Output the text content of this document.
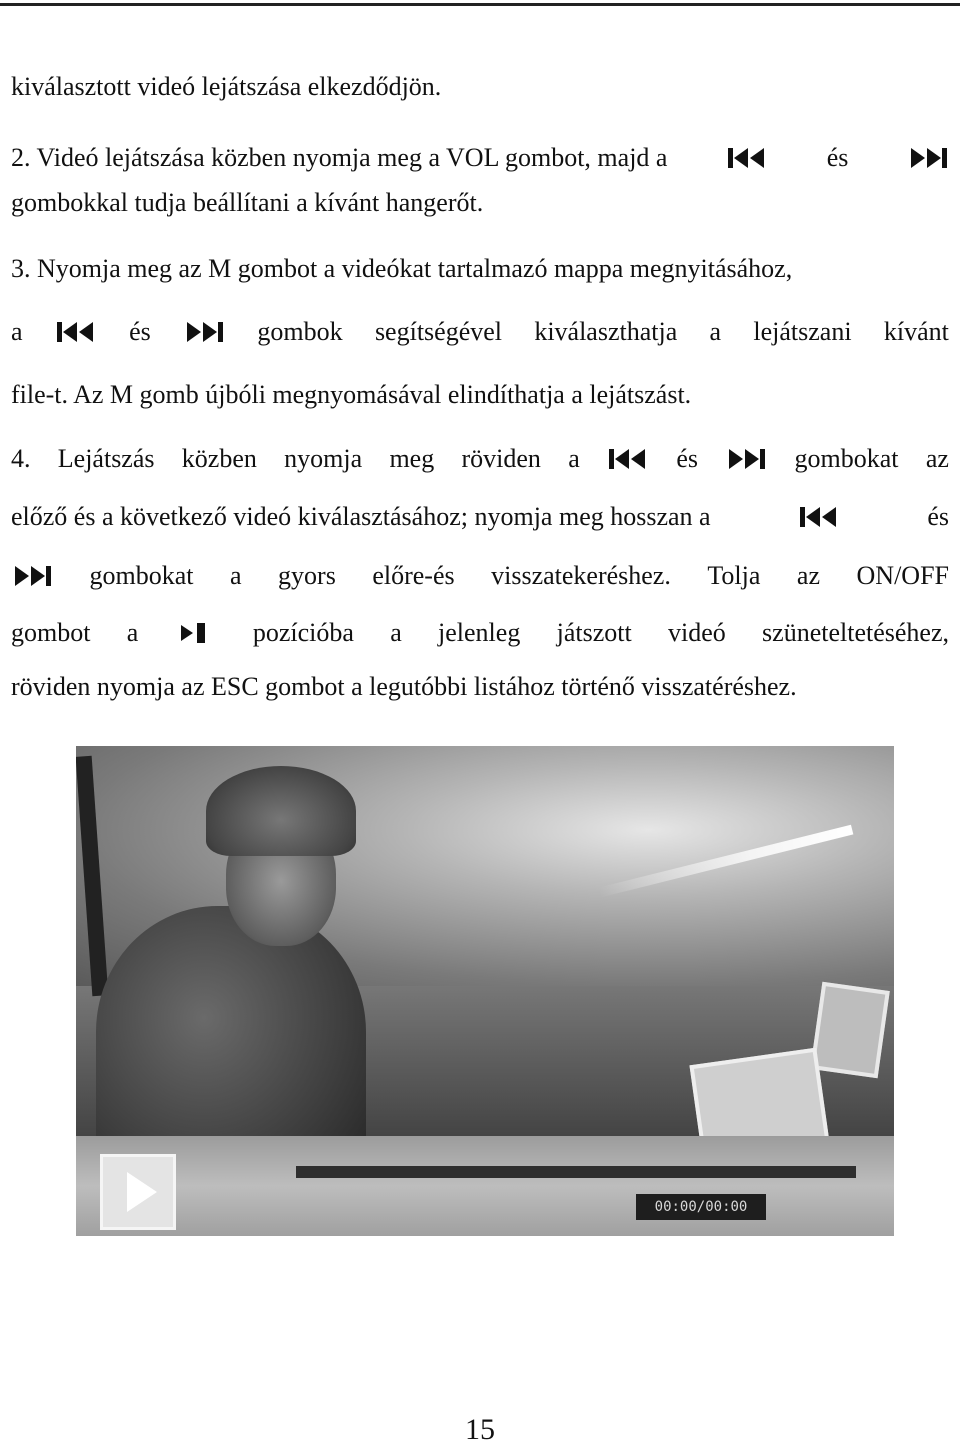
kiválasztott videó lejátszása elkezdődjön.
2. Videó lejátszása közben nyomja meg a VOL gombot, majd a	és
gombokkal tudja beállítani a kívánt hangerőt.
3. Nyomja meg az M gombot a videókat tartalmazó mappa megnyitásához,
a	és	gombok segítségével kiválaszthatja a lejátszani kívánt
file-t. Az M gomb újbóli megnyomásával elindíthatja a lejátszást.
4. Lejátszás közben nyomja meg röviden a	és	gombokat az
előző és a következő videó kiválasztásához; nyomja meg hosszan a	és
gombokat a gyors előre-és visszatekeréshez. Tolja az ON/OFF
gombot a	pozícióba a jelenleg játszott videó szüneteltetéséhez,
röviden nyomja az ESC gombot a legutóbbi listához történő visszatéréshez.
00:00/00:00
15
